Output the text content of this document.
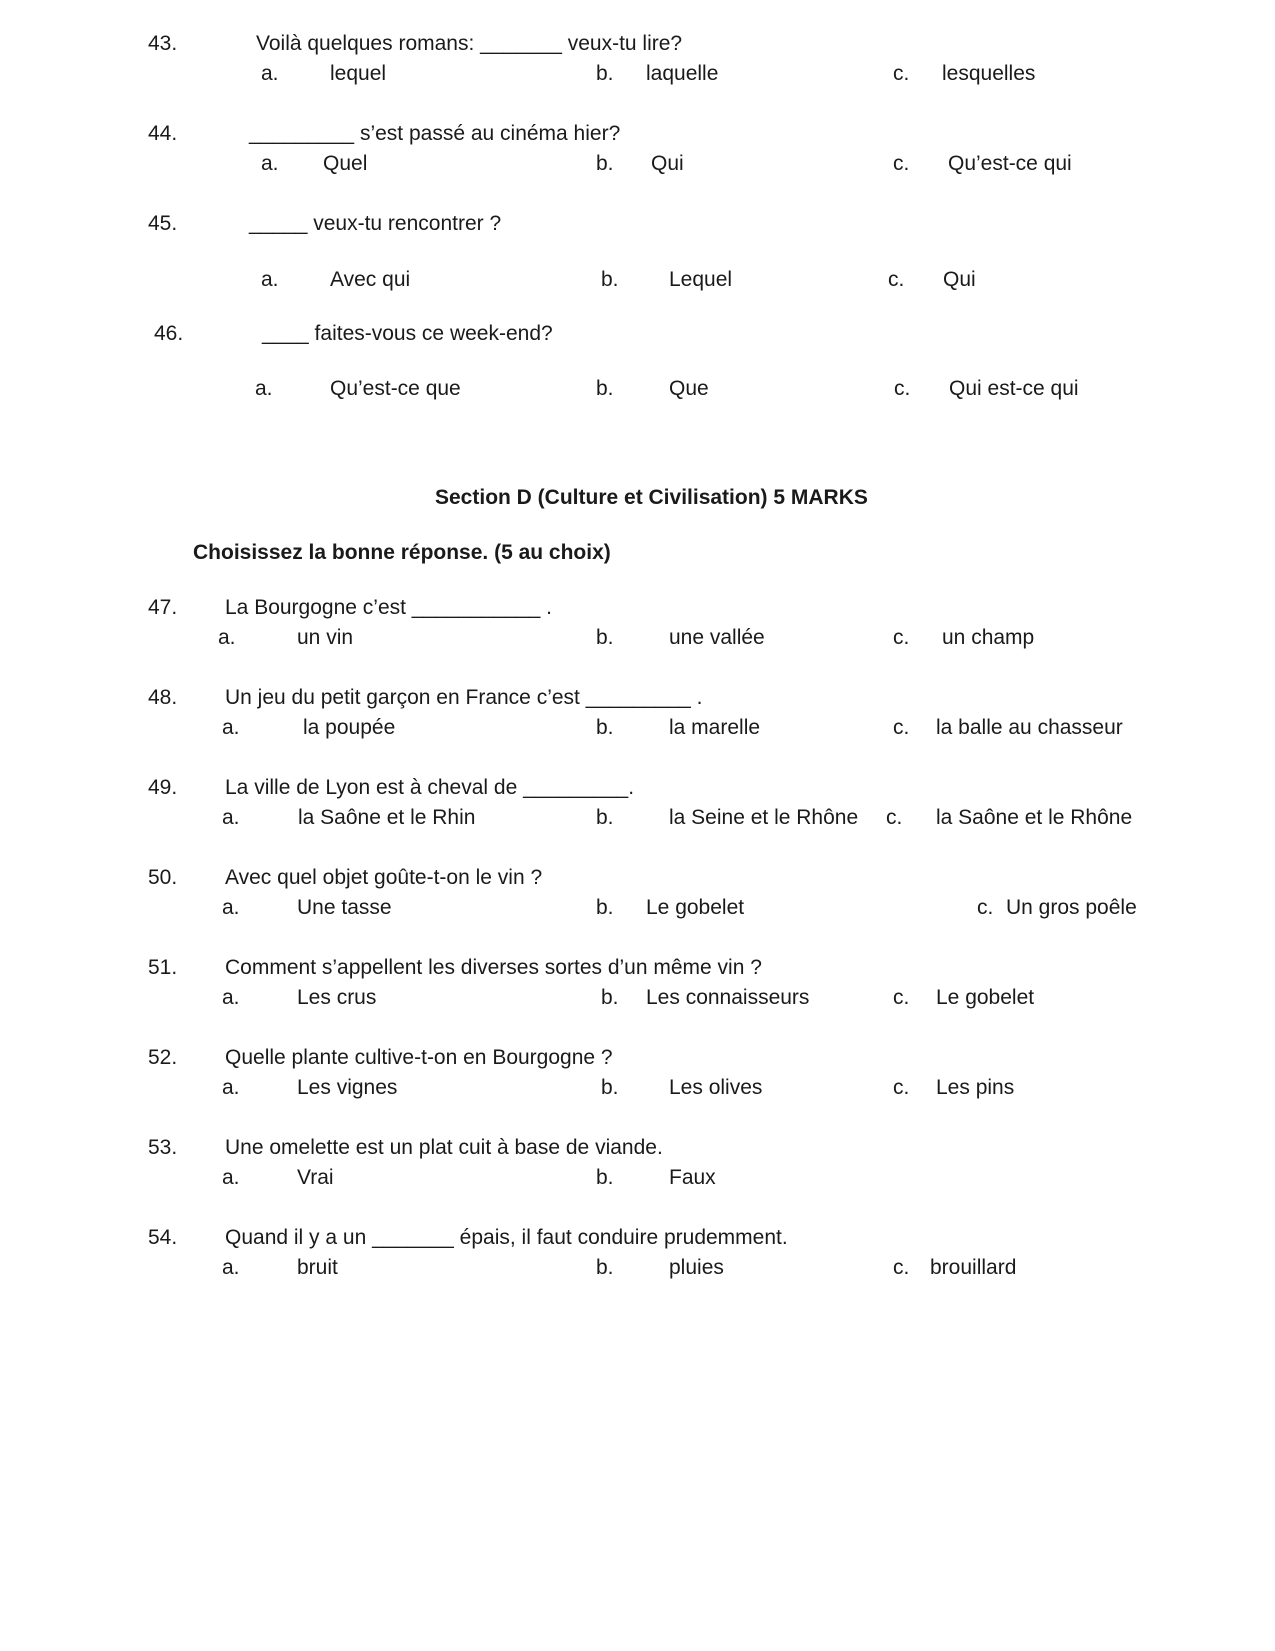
43.	Voilà quelques romans: _______ veux-tu lire?
a. lequel	b. laquelle	c. lesquelles
44.	_________ s’est passé au cinéma hier?
a. Quel	b. Qui	c. Qu’est-ce qui
45.	_____ veux-tu rencontrer ?
a. Avec qui	b. Lequel	c. Qui
46.	____ faites-vous ce week-end?
a.	Qu’est-ce que	b.	Que	c. Qui est-ce qui
Section D (Culture et Civilisation) 5 MARKS
Choisissez la bonne réponse. (5 au choix)
47. La Bourgogne c’est ___________ .
a.	un vin	b.	une vallée	c. un champ
48. Un jeu du petit garçon en France c’est _________ .
a.	la poupée	b.	la marelle	c. la balle au chasseur
49. La ville de Lyon est à cheval de _________.
a.	la Saône et le Rhin	b.	la Seine et le Rhône c. la Saône et le Rhône
50. Avec quel objet goûte-t-on le vin ?
a.	Une tasse	b. Le gobelet	c. Un gros poêle
51. Comment s’appellent les diverses sortes d’un même vin ?
a.	Les crus	b. Les connaisseurs	c. Le gobelet
52. Quelle plante cultive-t-on en Bourgogne ?
a.	Les vignes	b. Les olives	c. Les pins
53. Une omelette est un plat cuit à base de viande.
a.	Vrai	b.	Faux
54. Quand il y a un _______ épais, il faut conduire prudemment.
a.	bruit	b.	pluies	c. brouillard
